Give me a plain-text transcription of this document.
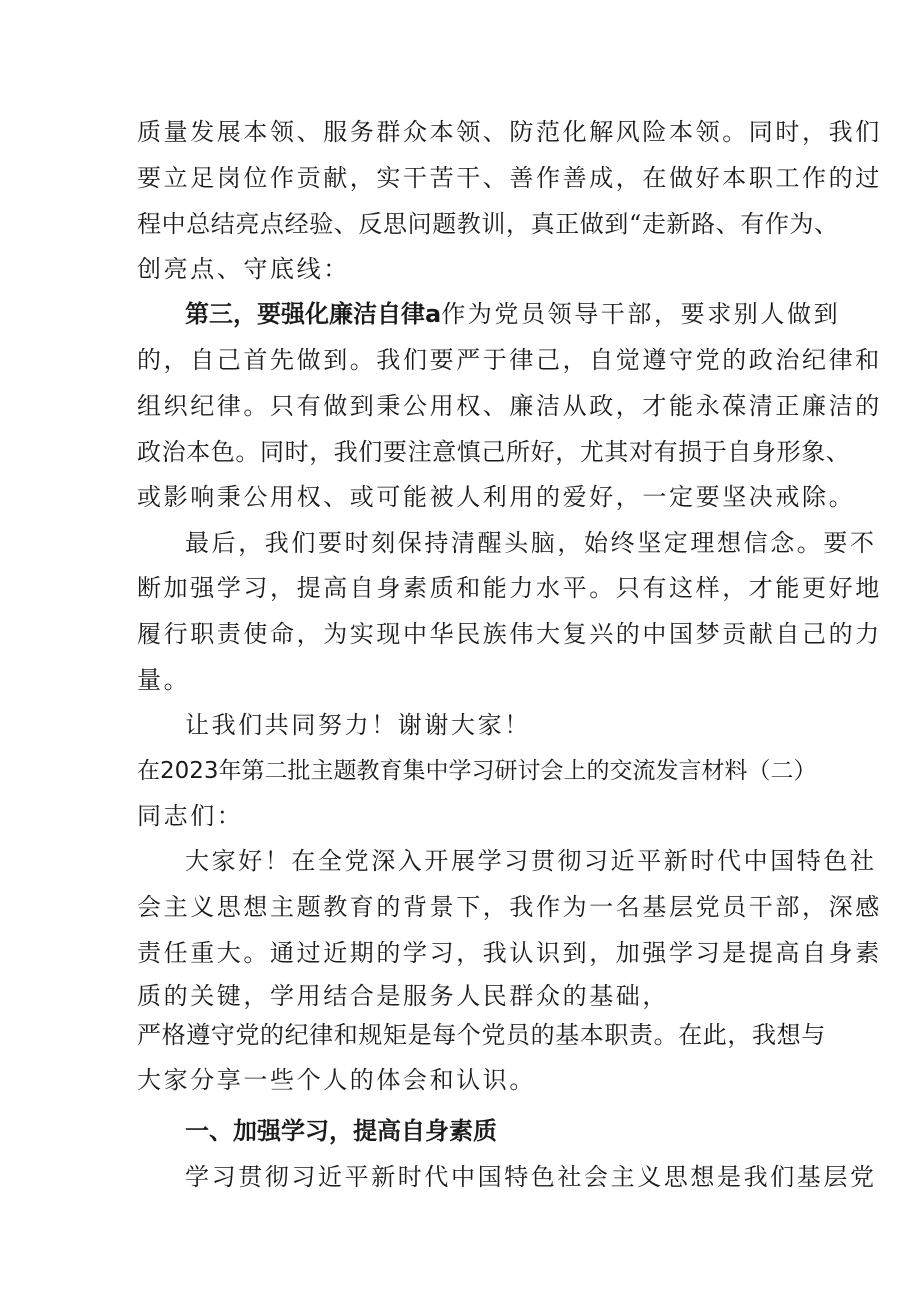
质量发展本领、服务群众本领、防范化解风险本领。同时，我们
要立足岗位作贡献，实干苦干、善作善成，在做好本职工作的过
程中总结亮点经验、反思问题教训，真正做到“走新路、有作为、
创亮点、守底线：
第三，要强化廉洁自律a作为党员领导干部，要求别人做到
的，自己首先做到。我们要严于律己，自觉遵守党的政治纪律和
组织纪律。只有做到秉公用权、廉洁从政，才能永葆清正廉洁的
政治本色。同时，我们要注意慎己所好，尤其对有损于自身形象、
或影响秉公用权、或可能被人利用的爱好，一定要坚决戒除。
最后，我们要时刻保持清醒头脑，始终坚定理想信念。要不
断加强学习，提高自身素质和能力水平。只有这样，才能更好地
履行职责使命，为实现中华民族伟大复兴的中国梦贡献自己的力
量。
让我们共同努力！谢谢大家！
在2023年第二批主题教育集中学习研讨会上的交流发言材料（二）
同志们：
大家好！在全党深入开展学习贯彻习近平新时代中国特色社
会主义思想主题教育的背景下，我作为一名基层党员干部，深感
责任重大。通过近期的学习，我认识到，加强学习是提高自身素
质的关键，学用结合是服务人民群众的基础，
严格遵守党的纪律和规矩是每个党员的基本职责。在此，我想与
大家分享一些个人的体会和认识。
一、加强学习，提高自身素质
学习贯彻习近平新时代中国特色社会主义思想是我们基层党
